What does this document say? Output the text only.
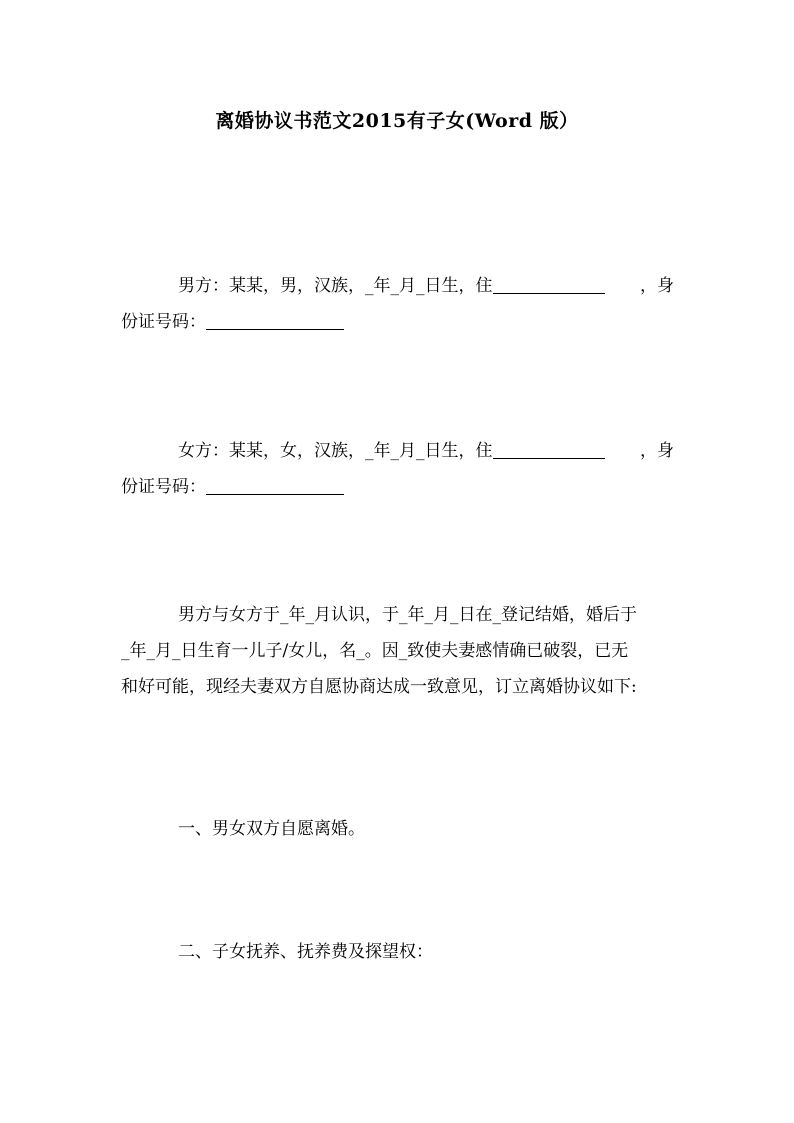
离婚协议书范文2015有子女(Word 版）
男方：某某，男，汉族，_年_月_日生，住	，身
份证号码：
女方：某某，女，汉族，_年_月_日生，住	，身
份证号码：
男方与女方于_年_月认识，于_年_月_日在_登记结婚，婚后于
_年_月_日生育一儿子/女儿，名_。因_致使夫妻感情确已破裂，已无
和好可能，现经夫妻双方自愿协商达成一致意见，订立离婚协议如下:
一、男女双方自愿离婚。
二、子女抚养、抚养费及探望权：
